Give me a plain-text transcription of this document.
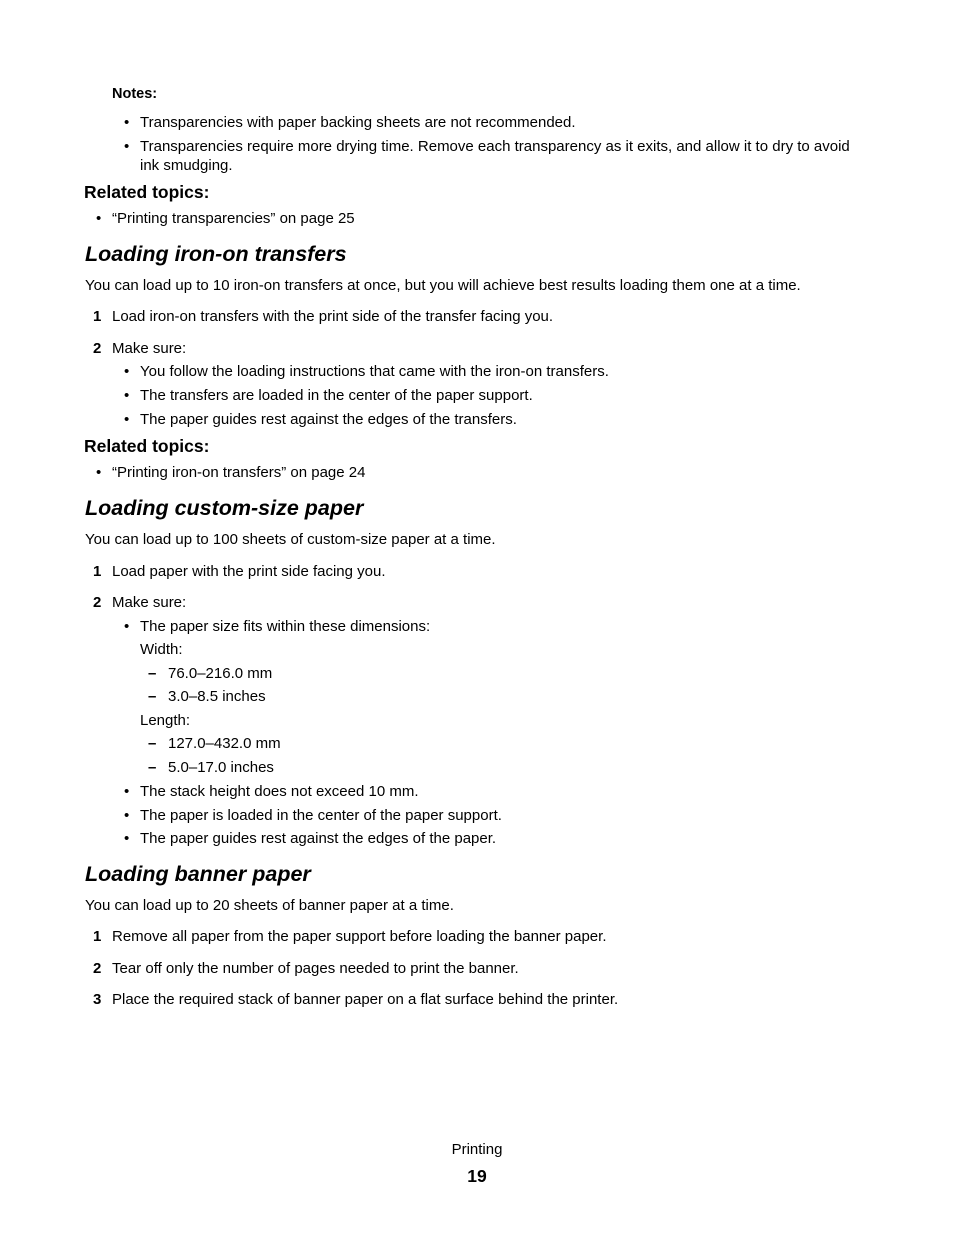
Notes:
• Transparencies with paper backing sheets are not recommended.
• Transparencies require more drying time. Remove each transparency as it exits, and allow it to dry to avoid
ink smudging.
Related topics:
• “Printing transparencies” on page 25
Loading iron-on transfers
You can load up to 10 iron-on transfers at once, but you will achieve best results loading them one at a time.
1 Load iron-on transfers with the print side of the transfer facing you.
2 Make sure:
• You follow the loading instructions that came with the iron-on transfers.
• The transfers are loaded in the center of the paper support.
• The paper guides rest against the edges of the transfers.
Related topics:
• “Printing iron-on transfers” on page 24
Loading custom-size paper
You can load up to 100 sheets of custom-size paper at a time.
1 Load paper with the print side facing you.
2 Make sure:
• The paper size fits within these dimensions:
Width:
– 76.0–216.0 mm
– 3.0–8.5 inches
Length:
– 127.0–432.0 mm
– 5.0–17.0 inches
• The stack height does not exceed 10 mm.
• The paper is loaded in the center of the paper support.
• The paper guides rest against the edges of the paper.
Loading banner paper
You can load up to 20 sheets of banner paper at a time.
1 Remove all paper from the paper support before loading the banner paper.
2 Tear off only the number of pages needed to print the banner.
3 Place the required stack of banner paper on a flat surface behind the printer.
Printing
19
